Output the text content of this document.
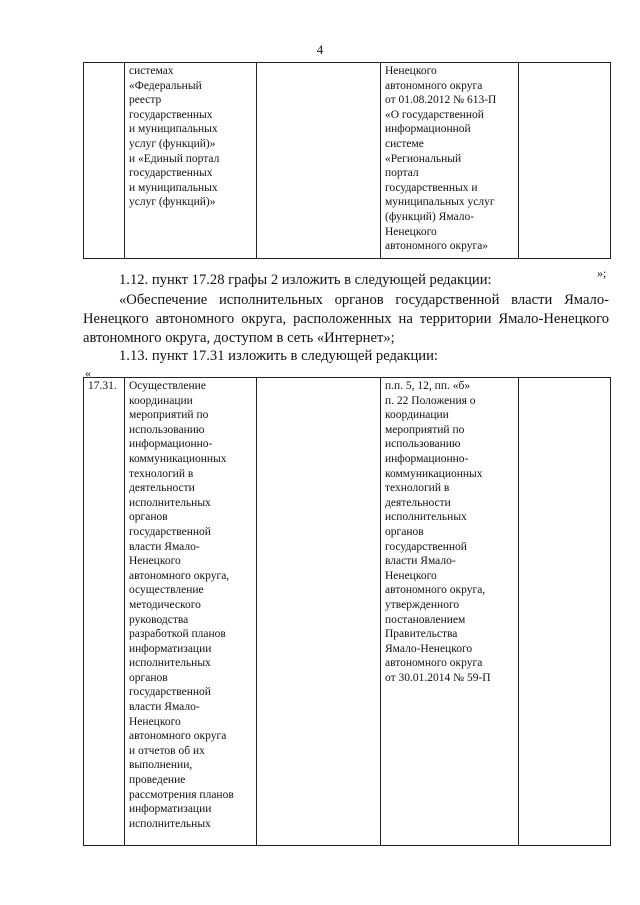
4
	системах
«Федеральный
реестр
государственных
и муниципальных
услуг (функций)»
и «Единый портал
государственных
и муниципальных
услуг (функций)»		Ненецкого
автономного округа
от 01.08.2012 № 613-П
«О государственной
информационной
системе
«Региональный
портал
государственных и
муниципальных услуг
(функций) Ямало-
Ненецкого
автономного округа»	
»;

1.12. пункт 17.28 графы 2 изложить в следующей редакции:

«Обеспечение исполнительных органов государственной власти Ямало-

Ненецкого автономного округа, расположенных на территории Ямало-Ненецкого

автономного округа, доступом в сеть «Интернет»;

1.13. пункт 17.31 изложить в следующей редакции:

«
17.31.	Осуществление
координации
мероприятий по
использованию
информационно-
коммуникационных
технологий в
деятельности
исполнительных
органов
государственной
власти Ямало-
Ненецкого
автономного округа,
осуществление
методического
руководства
разработкой планов
информатизации
исполнительных
органов
государственной
власти Ямало-
Ненецкого
автономного округа
и отчетов об их
выполнении,
проведение
рассмотрения планов
информатизации
исполнительных		п.п. 5, 12, пп. «б»
п. 22 Положения о
координации
мероприятий по
использованию
информационно-
коммуникационных
технологий в
деятельности
исполнительных
органов
государственной
власти Ямало-
Ненецкого
автономного округа,
утвержденного
постановлением
Правительства
Ямало-Ненецкого
автономного округа
от 30.01.2014 № 59-П	
